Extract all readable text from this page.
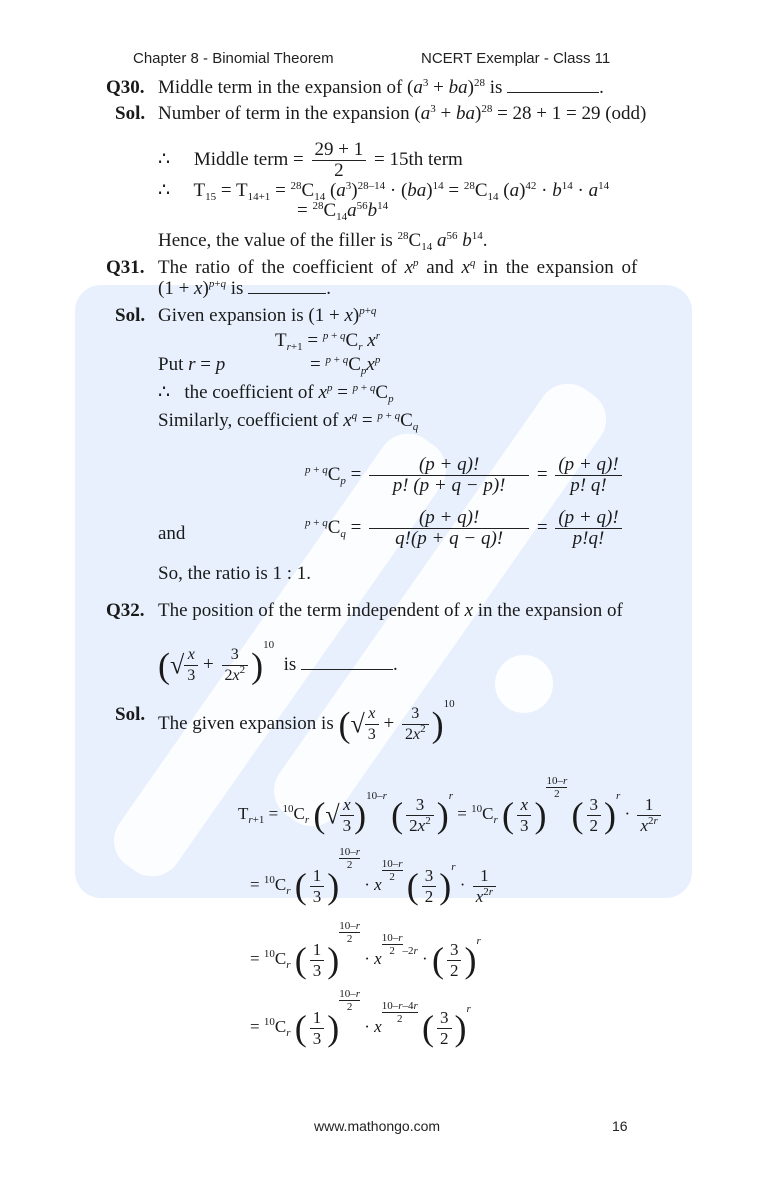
Chapter 8 - Binomial Theorem	NCERT Exemplar - Class 11
Q30. Middle term in the expansion of $(a^3 + ba)^{28}$ is	.
Sol. Number of term in the expansion $(a^3 + ba)^{28} = 28 + 1 = 29$ (odd)
∴     Middle term = $\frac{29 + 1}{2} = 15th$ term
∴     $T_{15} = T_{14+1} = ^{28}C_{14}$ $(a^3)^{28-14} \cdot (ba)^{14} = ^{28}C_{14}$ $(a)^{42} \cdot b^{14} \cdot a^{14}$
= $^{28}C_{14}a^{56}b^{14}$
Hence, the value of the filler is $^{28}C_{14}$ $a^{56}$ $b^{14}$.
Q31. The ratio of the coefficient of $x^p$ and $x^q$ in the expansion of
$(1 + x)^{p+q}$ is	.
Sol. Given expansion is $(1 + x)^{p+q}$
$T_{r+1} = ^{p + q}C_r$ $x^r$
Put r = p	= $^{p + q}C_px^p$
∴   the coefficient of $x^p = ^{p + q}C_p$
Similarly, coefficient of $x^q = ^{p + q}C_q$
$^{p + q}C_p = \frac{(p + q)!}{p! (p + q - p)!} = \frac{(p + q)!}{p! q!}$
and
$^{p + q}C_q = \frac{(p + q)!}{q!(p + q - q)!} = \frac{(p + q)!}{p!q!}$
So, the ratio is 1 : 1.
Q32. The position of the term independent of x in the expansion of
(√ $\frac{x}{3} + \frac{3}{2x^2} )^{10}$  is	.
Sol. The given expansion is (√ $\frac{x}{3} + \frac{3}{2x^2} )^{10}$
$T_{r+1} = ^{10}C_r$ (√ $\frac{x}{3} )^{10-r}$ ( $\frac{3}{2x^2} )^r = ^{10}C_r$ ( $\frac{x}{3}$ )
$\frac{10-r}{2}$
( $\frac{3}{2} )^r \cdot \frac{1}{x^{2r}}$
= $^{10}C_r$ ( $\frac{1}{3}$ )
$\frac{10-r}{2}$
· x
$\frac{10-r}{2}$ ( $\frac{3}{2} )^r \cdot \frac{1}{x^{2r}}$
= $^{10}C_r$ ( $\frac{1}{3}$ )
$\frac{10-r}{2}$
· x
$\frac{10-r}{2} ^{-2r}$ · ( $\frac{3}{2} )^r$
= $^{10}C_r$ ( $\frac{1}{3}$ )
$\frac{10-r}{2}$
· x
$\frac{10-r-4r}{2}$ ( $\frac{3}{2} )^r$
www.mathongo.com	16
